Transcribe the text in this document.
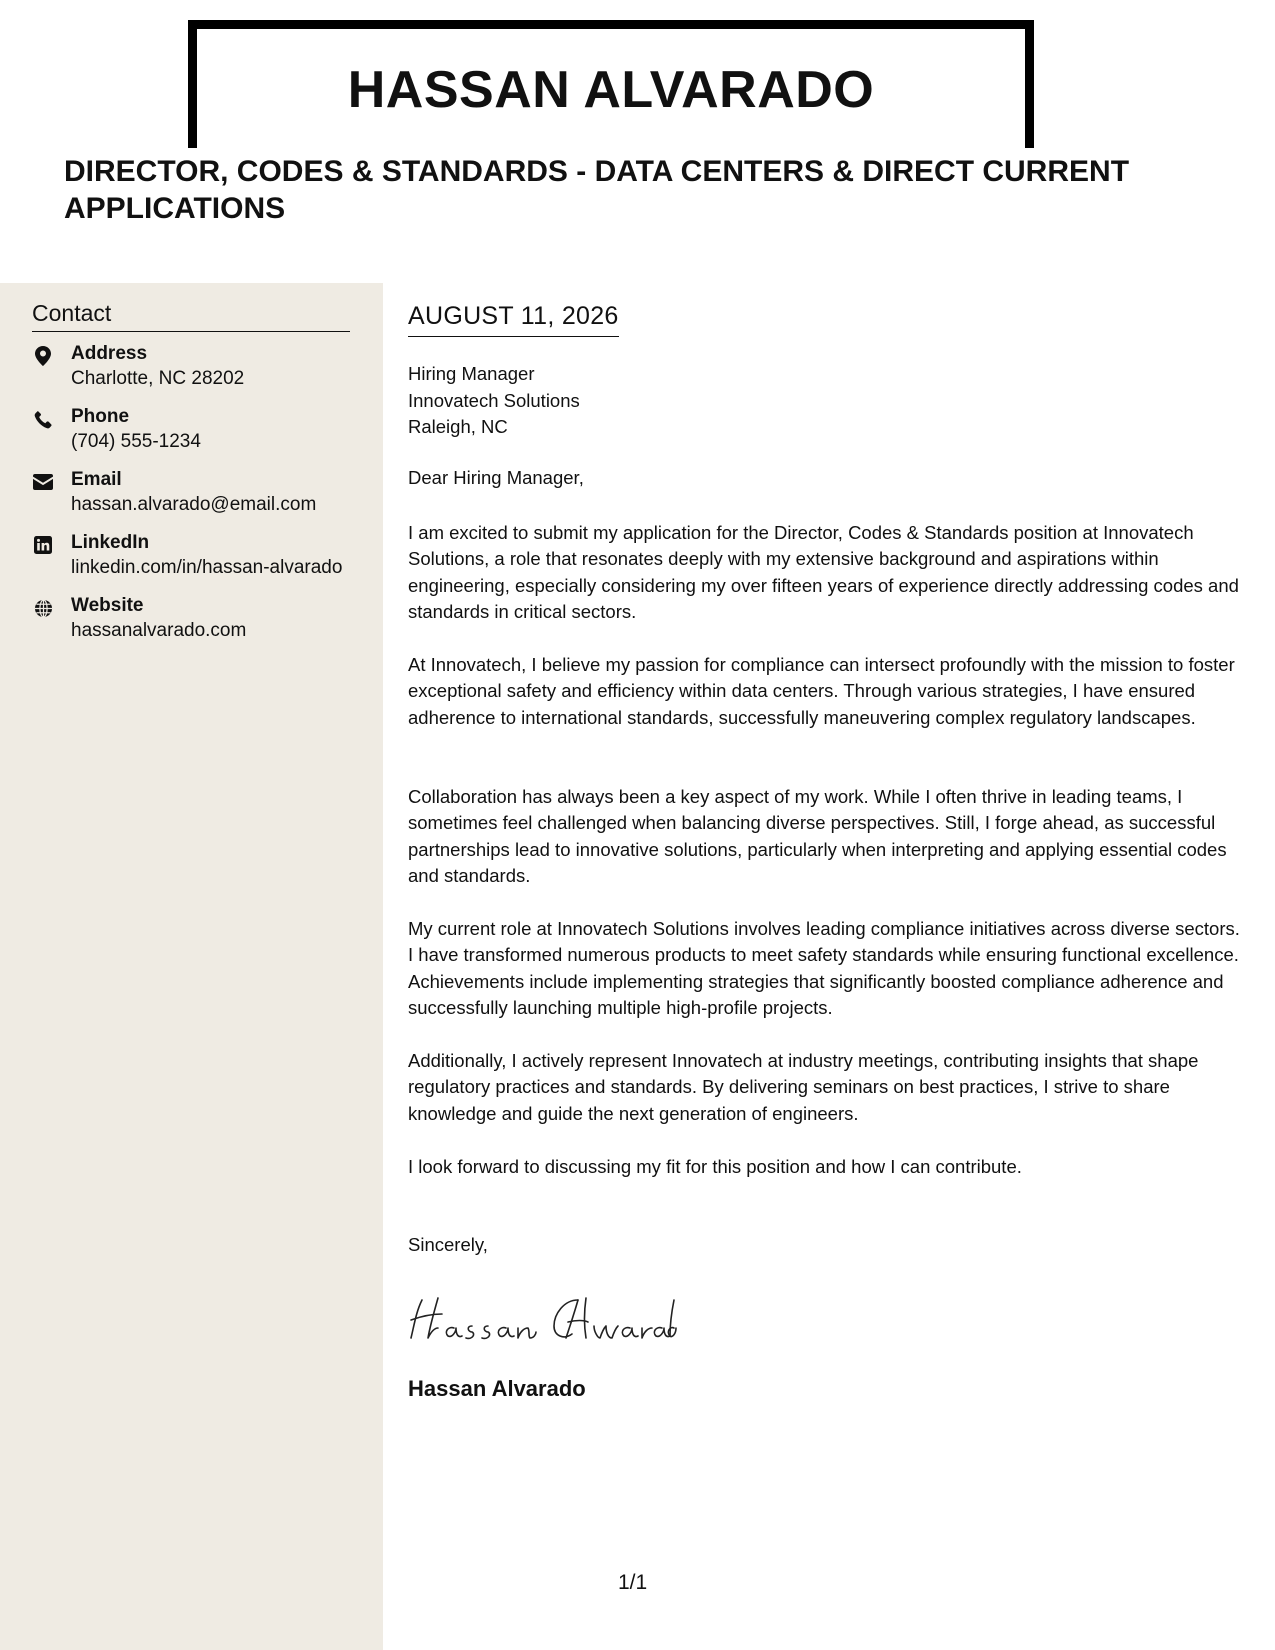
HASSAN ALVARADO
DIRECTOR, CODES & STANDARDS - DATA CENTERS & DIRECT CURRENT APPLICATIONS
Contact
Address
Charlotte, NC 28202
Phone
(704) 555-1234
Email
hassan.alvarado@email.com
LinkedIn
linkedin.com/in/hassan-alvarado
Website
hassanalvarado.com
AUGUST 11, 2026
Hiring Manager
Innovatech Solutions
Raleigh, NC
Dear Hiring Manager,

I am excited to submit my application for the Director, Codes & Standards position at Innovatech Solutions, a role that resonates deeply with my extensive background and aspirations within engineering, especially considering my over fifteen years of experience directly addressing codes and standards in critical sectors.

At Innovatech, I believe my passion for compliance can intersect profoundly with the mission to foster exceptional safety and efficiency within data centers. Through various strategies, I have ensured adherence to international standards, successfully maneuvering complex regulatory landscapes.

Collaboration has always been a key aspect of my work. While I often thrive in leading teams, I sometimes feel challenged when balancing diverse perspectives. Still, I forge ahead, as successful partnerships lead to innovative solutions, particularly when interpreting and applying essential codes and standards.

My current role at Innovatech Solutions involves leading compliance initiatives across diverse sectors. I have transformed numerous products to meet safety standards while ensuring functional excellence. Achievements include implementing strategies that significantly boosted compliance adherence and successfully launching multiple high-profile projects.

Additionally, I actively represent Innovatech at industry meetings, contributing insights that shape regulatory practices and standards. By delivering seminars on best practices, I strive to share knowledge and guide the next generation of engineers.

I look forward to discussing my fit for this position and how I can contribute.

Sincerely,
Hassan Alvarado
1/1
